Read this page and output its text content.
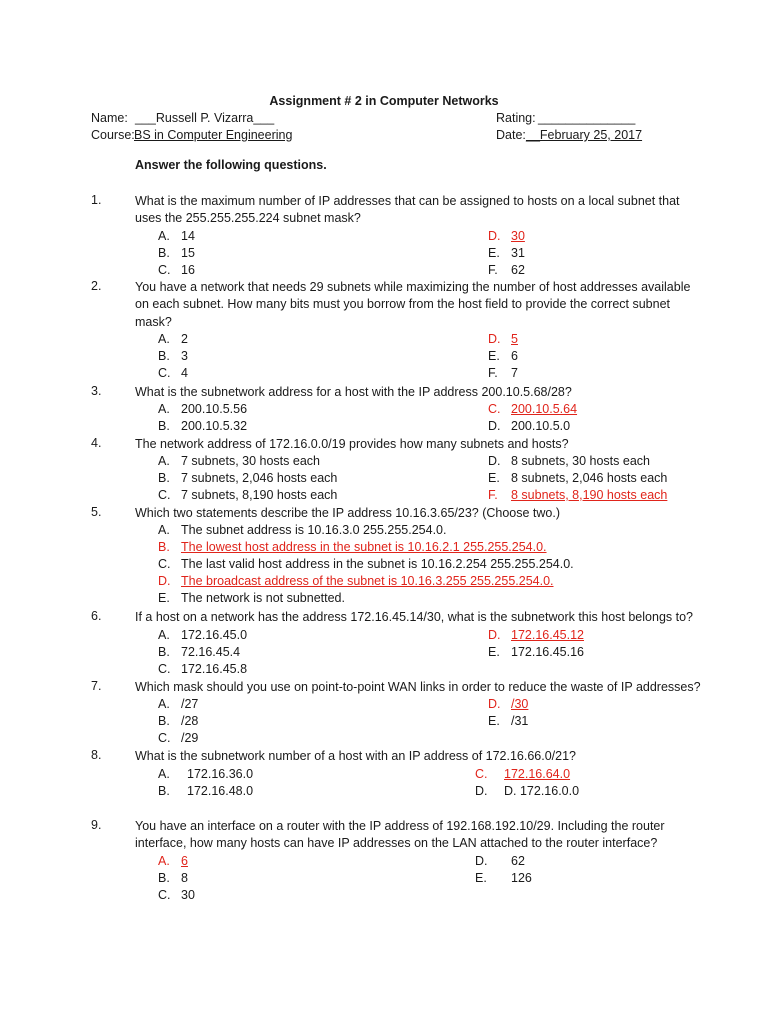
Assignment # 2 in Computer Networks
Name: ___Russell P. Vizarra___
Course: BS in Computer Engineering
Rating: ______________
Date: __February 25, 2017
Answer the following questions.
1.	What is the maximum number of IP addresses that can be assigned to hosts on a local subnet that uses the 255.255.255.224 subnet mask?
A. 14
B. 15
C. 16
D. 30
E. 31
F. 62
2.	You have a network that needs 29 subnets while maximizing the number of host addresses available on each subnet. How many bits must you borrow from the host field to provide the correct subnet mask?
A. 2
B. 3
C. 4
D. 5
E. 6
F. 7
3.	What is the subnetwork address for a host with the IP address 200.10.5.68/28?
A. 200.10.5.56
B. 200.10.5.32
C. 200.10.5.64
D. 200.10.5.0
4.	The network address of 172.16.0.0/19 provides how many subnets and hosts?
A. 7 subnets, 30 hosts each
B. 7 subnets, 2,046 hosts each
C. 7 subnets, 8,190 hosts each
D. 8 subnets, 30 hosts each
E. 8 subnets, 2,046 hosts each
F. 8 subnets, 8,190 hosts each
5.	Which two statements describe the IP address 10.16.3.65/23? (Choose two.)
A. The subnet address is 10.16.3.0 255.255.254.0.
B. The lowest host address in the subnet is 10.16.2.1 255.255.254.0.
C. The last valid host address in the subnet is 10.16.2.254 255.255.254.0.
D. The broadcast address of the subnet is 10.16.3.255 255.255.254.0.
E. The network is not subnetted.
6.	If a host on a network has the address 172.16.45.14/30, what is the subnetwork this host belongs to?
A. 172.16.45.0
B. 72.16.45.4
C. 172.16.45.8
D. 172.16.45.12
E. 172.16.45.16
7.	Which mask should you use on point-to-point WAN links in order to reduce the waste of IP addresses?
A. /27
B. /28
C. /29
D. /30
E. /31
8.	What is the subnetwork number of a host with an IP address of 172.16.66.0/21?
A. 172.16.36.0
B. 172.16.48.0
C. 172.16.64.0
D. D. 172.16.0.0
9.	You have an interface on a router with the IP address of 192.168.192.10/29. Including the router interface, how many hosts can have IP addresses on the LAN attached to the router interface?
A. 6
B. 8
C. 30
D. 62
E. 126
